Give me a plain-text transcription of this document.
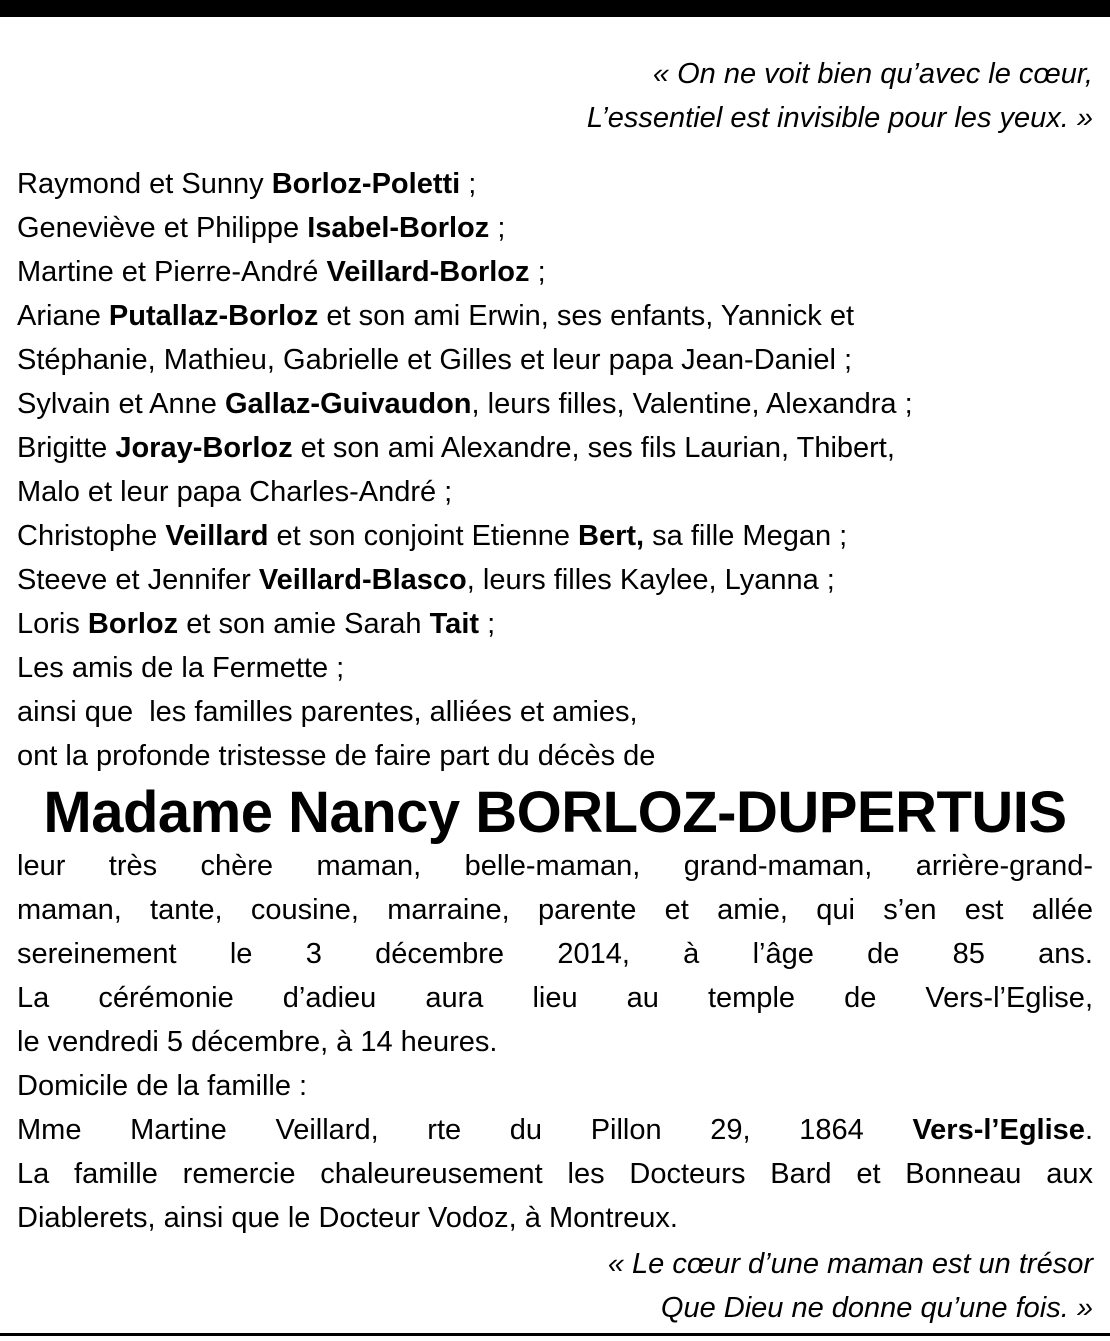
« On ne voit bien qu’avec le cœur,
L’essentiel est invisible pour les yeux. »
Raymond et Sunny Borloz-Poletti ;
Geneviève et Philippe Isabel-Borloz ;
Martine et Pierre-André Veillard-Borloz ;
Ariane Putallaz-Borloz et son ami Erwin, ses enfants, Yannick et
Stéphanie, Mathieu, Gabrielle et Gilles et leur papa Jean-Daniel ;
Sylvain et Anne Gallaz-Guivaudon, leurs filles, Valentine, Alexandra ;
Brigitte Joray-Borloz et son ami Alexandre, ses fils Laurian, Thibert,
Malo et leur papa Charles-André ;
Christophe Veillard et son conjoint Etienne Bert, sa fille Megan ;
Steeve et Jennifer Veillard-Blasco, leurs filles Kaylee, Lyanna ;
Loris Borloz et son amie Sarah Tait ;
Les amis de la Fermette ;
ainsi que  les familles parentes, alliées et amies,
ont la profonde tristesse de faire part du décès de
Madame Nancy BORLOZ-DUPERTUIS
leur très chère maman, belle-maman, grand-maman, arrière-grand-
maman, tante, cousine, marraine, parente et amie, qui s’en est allée
sereinement le 3 décembre 2014, à l’âge de 85 ans.
La cérémonie d’adieu aura lieu au temple de Vers-l’Eglise,
le vendredi 5 décembre, à 14 heures.
Domicile de la famille :
Mme Martine Veillard, rte du Pillon 29, 1864 Vers-l’Eglise.
La famille remercie chaleureusement les Docteurs Bard et Bonneau aux
Diablerets, ainsi que le Docteur Vodoz, à Montreux.
« Le cœur d’une maman est un trésor
Que Dieu ne donne qu’une fois. »
